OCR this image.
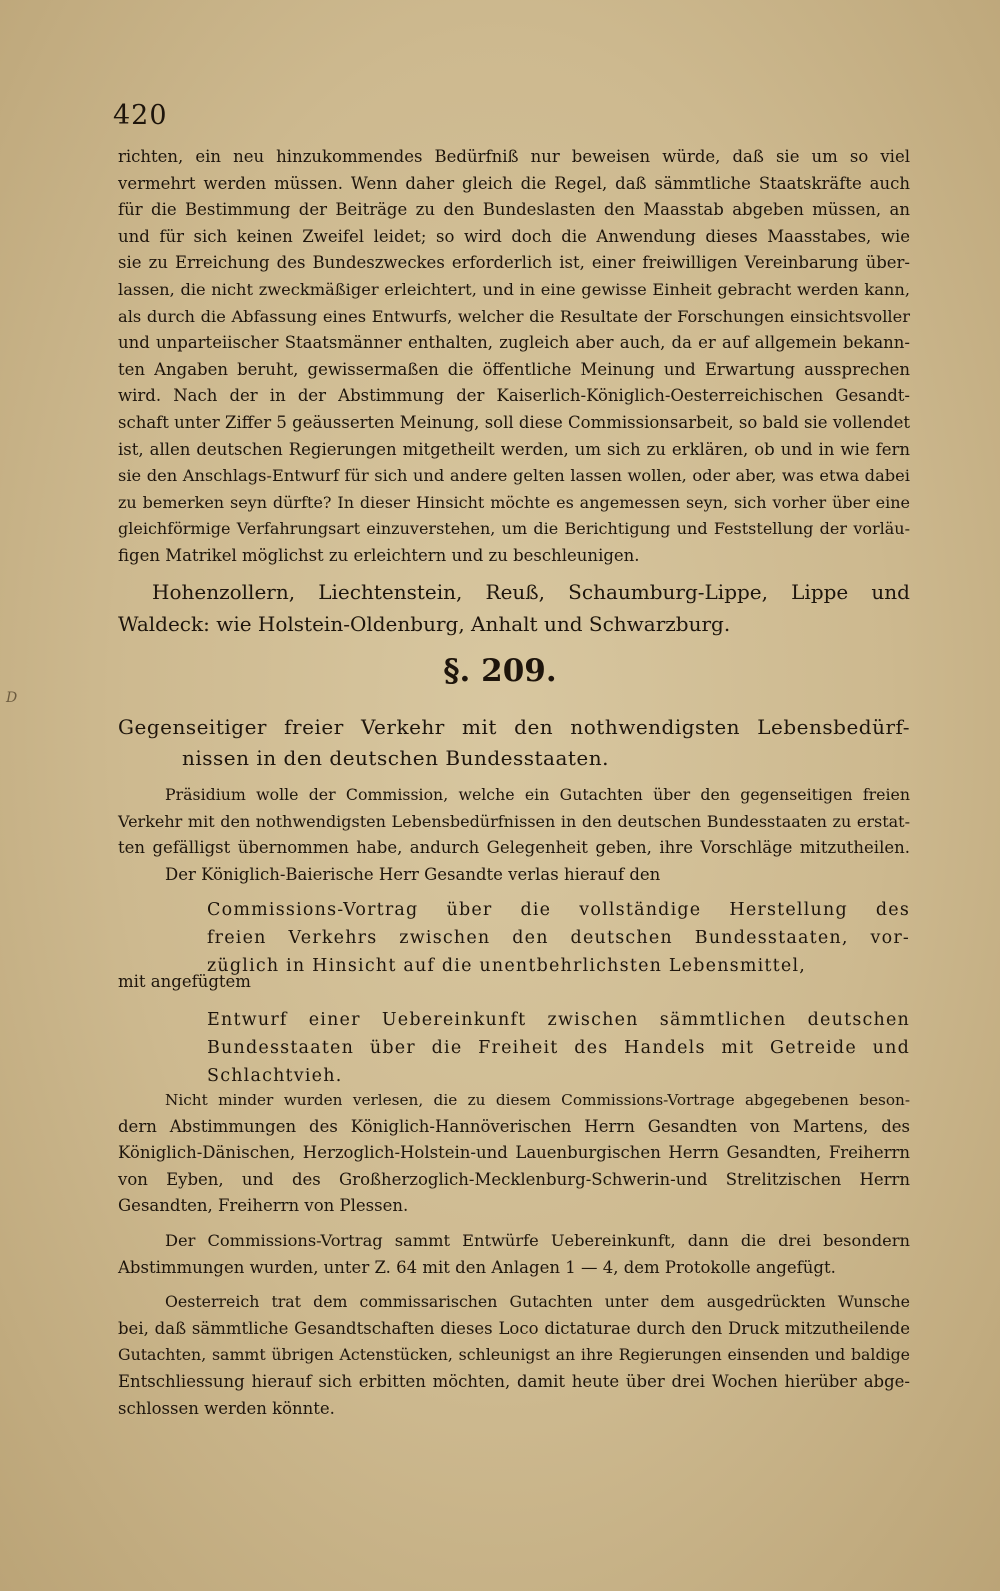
D
420
richten, ein neu hinzukommendes Bedürfniß nur beweisen würde, daß sie um so viel
vermehrt werden müssen. Wenn daher gleich die Regel, daß sämmtliche Staatskräfte auch
für die Bestimmung der Beiträge zu den Bundeslasten den Maasstab abgeben müssen, an
und für sich keinen Zweifel leidet; so wird doch die Anwendung dieses Maasstabes, wie
sie zu Erreichung des Bundeszweckes erforderlich ist, einer freiwilligen Vereinbarung über-
lassen, die nicht zweckmäßiger erleichtert, und in eine gewisse Einheit gebracht werden kann,
als durch die Abfassung eines Entwurfs, welcher die Resultate der Forschungen einsichtsvoller
und unparteiischer Staatsmänner enthalten, zugleich aber auch, da er auf allgemein bekann-
ten Angaben beruht, gewissermaßen die öffentliche Meinung und Erwartung aussprechen
wird. Nach der in der Abstimmung der Kaiserlich-Königlich-Oesterreichischen Gesandt-
schaft unter Ziffer 5 geäusserten Meinung, soll diese Commissionsarbeit, so bald sie vollendet
ist, allen deutschen Regierungen mitgetheilt werden, um sich zu erklären, ob und in wie fern
sie den Anschlags-Entwurf für sich und andere gelten lassen wollen, oder aber, was etwa dabei
zu bemerken seyn dürfte? In dieser Hinsicht möchte es angemessen seyn, sich vorher über eine
gleichförmige Verfahrungsart einzuverstehen, um die Berichtigung und Feststellung der vorläu-
figen Matrikel möglichst zu erleichtern und zu beschleunigen.
Hohenzollern, Liechtenstein, Reuß, Schaumburg-Lippe, Lippe und
Waldeck: wie Holstein-Oldenburg, Anhalt und Schwarzburg.
§. 209.
Gegenseitiger freier Verkehr mit den nothwendigsten Lebensbedürf-
nissen in den deutschen Bundesstaaten.
Präsidium wolle der Commission, welche ein Gutachten über den gegenseitigen freien
Verkehr mit den nothwendigsten Lebensbedürfnissen in den deutschen Bundesstaaten zu erstat-
ten gefälligst übernommen habe, andurch Gelegenheit geben, ihre Vorschläge mitzutheilen.
Der Königlich-Baierische Herr Gesandte verlas hierauf den
Commissions-Vortrag über die vollständige Herstellung des
freien Verkehrs zwischen den deutschen Bundesstaaten, vor-
züglich in Hinsicht auf die unentbehrlichsten Lebensmittel,
mit angefügtem
Entwurf einer Uebereinkunft zwischen sämmtlichen deutschen
Bundesstaaten über die Freiheit des Handels mit Getreide und
Schlachtvieh.
Nicht minder wurden verlesen, die zu diesem Commissions-Vortrage abgegebenen beson-
dern Abstimmungen des Königlich-Hannöverischen Herrn Gesandten von Martens, des
Königlich-Dänischen, Herzoglich-Holstein-und Lauenburgischen Herrn Gesandten, Freiherrn
von Eyben, und des Großherzoglich-Mecklenburg-Schwerin-und Strelitzischen Herrn
Gesandten, Freiherrn von Plessen.
Der Commissions-Vortrag sammt Entwürfe Uebereinkunft, dann die drei besondern
Abstimmungen wurden, unter Z. 64 mit den Anlagen 1 — 4, dem Protokolle angefügt.
Oesterreich trat dem commissarischen Gutachten unter dem ausgedrückten Wunsche
bei, daß sämmtliche Gesandtschaften dieses Loco dictaturae durch den Druck mitzutheilende
Gutachten, sammt übrigen Actenstücken, schleunigst an ihre Regierungen einsenden und baldige
Entschliessung hierauf sich erbitten möchten, damit heute über drei Wochen hierüber abge-
schlossen werden könnte.
